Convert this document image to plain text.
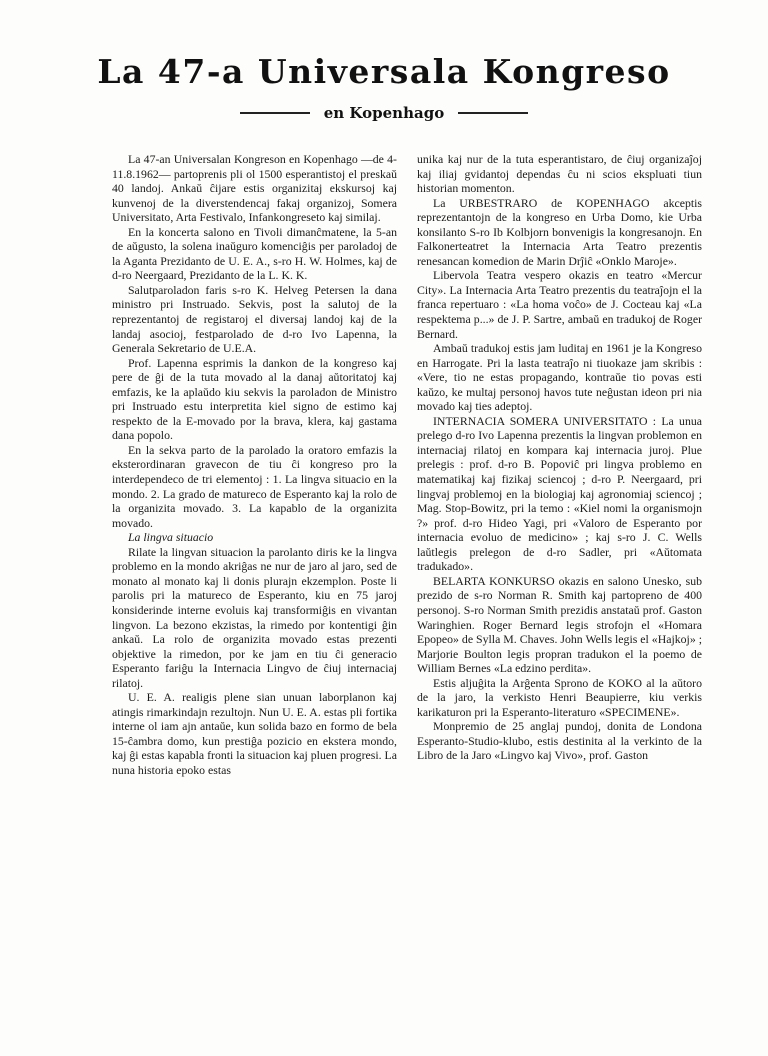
La 47-a Universala Kongreso
en Kopenhago

La 47-an Universalan Kongreson en Kopenhago —de 4-11.8.1962— partoprenis pli ol 1500 esperantistoj el preskaŭ 40 landoj. Ankaŭ ĉijare estis organizitaj ekskursoj kaj kunvenoj de la diverstendencaj fakaj organizoj, Somera Universitato, Arta Festivalo, Infankongreseto kaj similaj.

En la koncerta salono en Tivoli dimanĉmatene, la 5-an de aŭgusto, la solena inaŭguro komenciĝis per paroladoj de la Aganta Prezidanto de U. E. A., s-ro H. W. Holmes, kaj de d-ro Neergaard, Prezidanto de la L. K. K.

Salutparoladon faris s-ro K. Helveg Petersen la dana ministro pri Instruado. Sekvis, post la salutoj de la reprezentantoj de registaroj el diversaj landoj kaj de la landaj asocioj, festparolado de d-ro Ivo Lapenna, la Generala Sekretario de U.E.A.

Prof. Lapenna esprimis la dankon de la kongreso kaj pere de ĝi de la tuta movado al la danaj aŭtoritatoj kaj emfazis, ke la aplaŭdo kiu sekvis la paroladon de Ministro pri Instruado estu interpretita kiel signo de estimo kaj respekto de la E-movado por la brava, klera, kaj gastama dana popolo.

En la sekva parto de la parolado la oratoro emfazis la eksterordinaran gravecon de tiu ĉi kongreso pro la interdependeco de tri elementoj : 1. La lingva situacio en la mondo. 2. La grado de matureco de Esperanto kaj la rolo de la organizita movado. 3. La kapablo de la organizita movado.

La lingva situacio

Rilate la lingvan situacion la parolanto diris ke la lingva problemo en la mondo akriĝas ne nur de jaro al jaro, sed de monato al monato kaj li donis plurajn ekzemplon. Poste li parolis pri la matureco de Esperanto, kiu en 75 jaroj konsiderinde interne evoluis kaj transformiĝis en vivantan lingvon. La bezono ekzistas, la rimedo por kontentigi ĝin ankaŭ. La rolo de organizita movado estas prezenti objektive la rimedon, por ke jam en tiu ĉi generacio Esperanto fariĝu la Internacia Lingvo de ĉiuj internaciaj rilatoj.

U. E. A. realigis plene sian unuan laborplanon kaj atingis rimarkindajn rezultojn. Nun U. E. A. estas pli fortika interne ol iam ajn antaŭe, kun solida bazo en formo de bela 15-ĉambra domo, kun prestiĝa pozicio en ekstera mondo, kaj ĝi estas kapabla fronti la situacion kaj pluen progresi. La nuna historia epoko estas

unika kaj nur de la tuta esperantistaro, de ĉiuj organizaĵoj kaj iliaj gvidantoj dependas ĉu ni scios ekspluati tiun historian momenton.

La URBESTRARO de KOPENHAGO akceptis reprezentantojn de la kongreso en Urba Domo, kie Urba konsilanto S-ro Ib Kolbjorn bonvenigis la kongresanojn. En Falkonerteatret la Internacia Arta Teatro prezentis renesancan komedion de Marin Drĵiĉ «Onklo Maroje».

Libervola Teatra vespero okazis en teatro «Mercur City». La Internacia Arta Teatro prezentis du teatraĵojn el la franca repertuaro : «La homa voĉo» de J. Cocteau kaj «La respektema p...» de J. P. Sartre, ambaŭ en tradukoj de Roger Bernard.

Ambaŭ tradukoj estis jam luditaj en 1961 je la Kongreso en Harrogate. Pri la lasta teatraĵo ni tiuokaze jam skribis : «Vere, tio ne estas propagando, kontraŭe tio povas esti kaŭzo, ke multaj personoj havos tute neĝustan ideon pri nia movado kaj ties adeptoj.

INTERNACIA SOMERA UNIVERSITATO : La unua prelego d-ro Ivo Lapenna prezentis la lingvan problemon en internaciaj rilatoj en kompara kaj internacia juroj. Plue prelegis : prof. d-ro B. Popoviĉ pri lingva problemo en matematikaj kaj fizikaj sciencoj ; d-ro P. Neergaard, pri lingvaj problemoj en la biologiaj kaj agronomiaj sciencoj ; Mag. Stop-Bowitz, pri la temo : «Kiel nomi la organismojn ?» prof. d-ro Hideo Yagi, pri «Valoro de Esperanto por internacia evoluo de medicino» ; kaj s-ro J. C. Wells laŭtlegis prelegon de d-ro Sadler, pri «Aŭtomata tradukado».

BELARTA KONKURSO okazis en salono Unesko, sub prezido de s-ro Norman R. Smith kaj partopreno de 400 personoj. S-ro Norman Smith prezidis anstataŭ prof. Gaston Waringhien. Roger Bernard legis strofojn el «Homara Epopeo» de Sylla M. Chaves. John Wells legis el «Hajkoj» ; Marjorie Boulton legis propran tradukon el la poemo de William Bernes «La edzino perdita».

Estis aljuĝita la Arĝenta Sprono de KOKO al la aŭtoro de la jaro, la verkisto Henri Beaupierre, kiu verkis karikaturon pri la Esperanto-literaturo «SPECIMENE».

Monpremio de 25 anglaj pundoj, donita de Londona Esperanto-Studio-klubo, estis destinita al la verkinto de la Libro de la Jaro «Lingvo kaj Vivo», prof. Gaston
